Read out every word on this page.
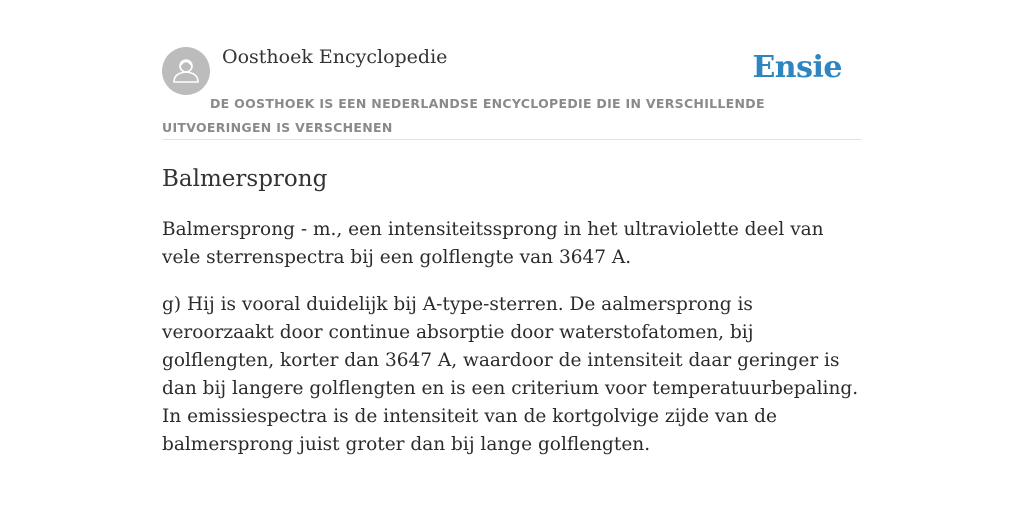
Oosthoek Encyclopedie	Ensie
DE OOSTHOEK IS EEN NEDERLANDSE ENCYCLOPEDIE DIE IN VERSCHILLENDE UITVOERINGEN IS VERSCHENEN
Balmersprong

Balmersprong - m., een intensiteitssprong in het ultraviolette deel van vele sterrenspectra bij een golflengte van 3647 A.

g) Hij is vooral duidelijk bij A-type-sterren. De aalmersprong is veroorzaakt door continue absorptie door waterstofatomen, bij golflengten, korter dan 3647 A, waardoor de intensiteit daar geringer is dan bij langere golflengten en is een criterium voor temperatuurbepaling. In emissiespectra is de intensiteit van de kortgolvige zijde van de balmersprong juist groter dan bij lange golflengten.
